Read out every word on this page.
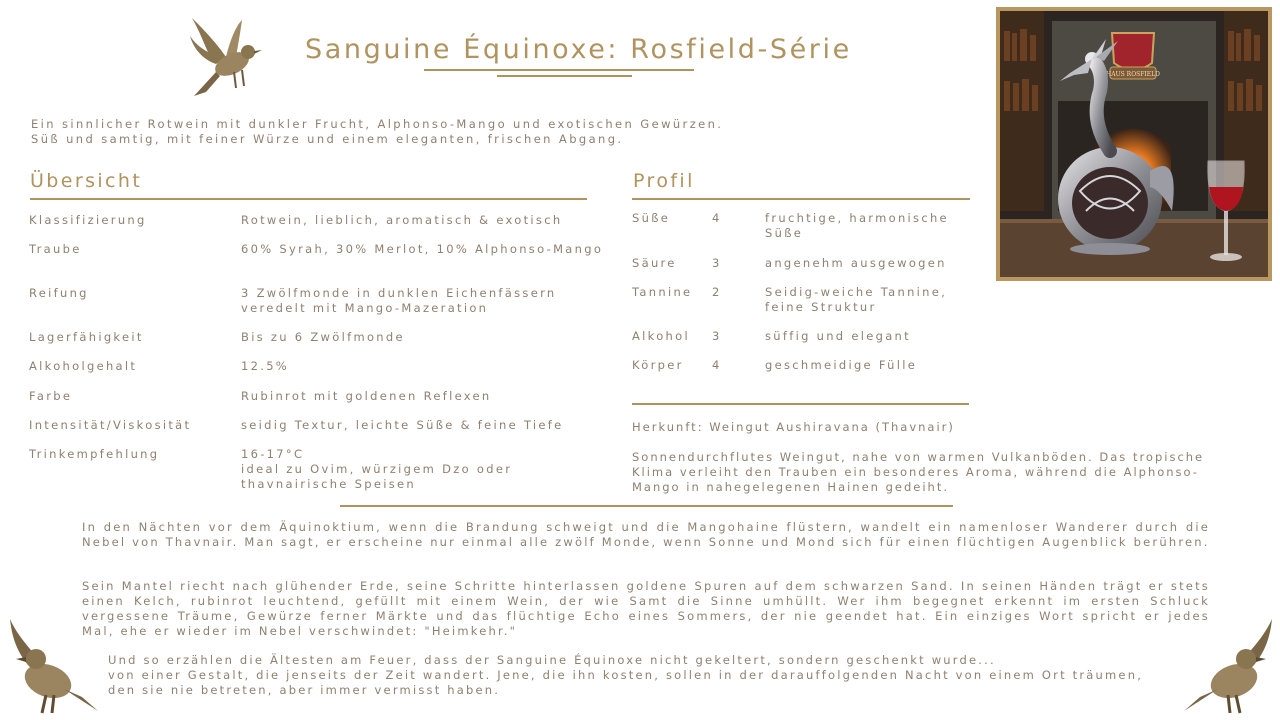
Sanguine Équinoxe: Rosfield-Série
Ein sinnlicher Rotwein mit dunkler Frucht, Alphonso-Mango und exotischen Gewürzen.
Süß und samtig, mit feiner Würze und einem eleganten, frischen Abgang.
Übersicht
Klassifizierung	Rotwein, lieblich, aromatisch & exotisch
Traube	60% Syrah, 30% Merlot, 10% Alphonso-Mango
Reifung	3 Zwölfmonde in dunklen Eichenfässern veredelt mit Mango-Mazeration
Lagerfähigkeit	Bis zu 6 Zwölfmonde
Alkoholgehalt	12.5%
Farbe	Rubinrot mit goldenen Reflexen
Intensität/Viskosität	seidig Textur, leichte Süße & feine Tiefe
Trinkempfehlung	16-17°C
ideal zu Ovim, würzigem Dzo oder thavnairische Speisen
Profil
Süße	4	fruchtige, harmonische Süße
Säure	3	angenehm ausgewogen
Tannine	2	Seidig-weiche Tannine, feine Struktur
Alkohol	3	süffig und elegant
Körper	4	geschmeidige Fülle
Herkunft: Weingut Aushiravana (Thavnair)
Sonnendurchflutes Weingut, nahe von warmen Vulkanböden. Das tropische Klima verleiht den Trauben ein besonderes Aroma, während die Alphonso-Mango in nahegelegenen Hainen gedeiht.
In den Nächten vor dem Äquinoktium, wenn die Brandung schweigt und die Mangohaine flüstern, wandelt ein namenloser Wanderer durch die Nebel von Thavnair. Man sagt, er erscheine nur einmal alle zwölf Monde, wenn Sonne und Mond sich für einen flüchtigen Augenblick berühren.
Sein Mantel riecht nach glühender Erde, seine Schritte hinterlassen goldene Spuren auf dem schwarzen Sand. In seinen Händen trägt er stets einen Kelch, rubinrot leuchtend, gefüllt mit einem Wein, der wie Samt die Sinne umhüllt. Wer ihm begegnet erkennt im ersten Schluck vergessene Träume, Gewürze ferner Märkte und das flüchtige Echo eines Sommers, der nie geendet hat. Ein einziges Wort spricht er jedes Mal, ehe er wieder im Nebel verschwindet: "Heimkehr."
Und so erzählen die Ältesten am Feuer, dass der Sanguine Équinoxe nicht gekeltert, sondern geschenkt wurde...
von einer Gestalt, die jenseits der Zeit wandert. Jene, die ihn kosten, sollen in der darauffolgenden Nacht von einem Ort träumen, den sie nie betreten, aber immer vermisst haben.
HAUS ROSFIELD
